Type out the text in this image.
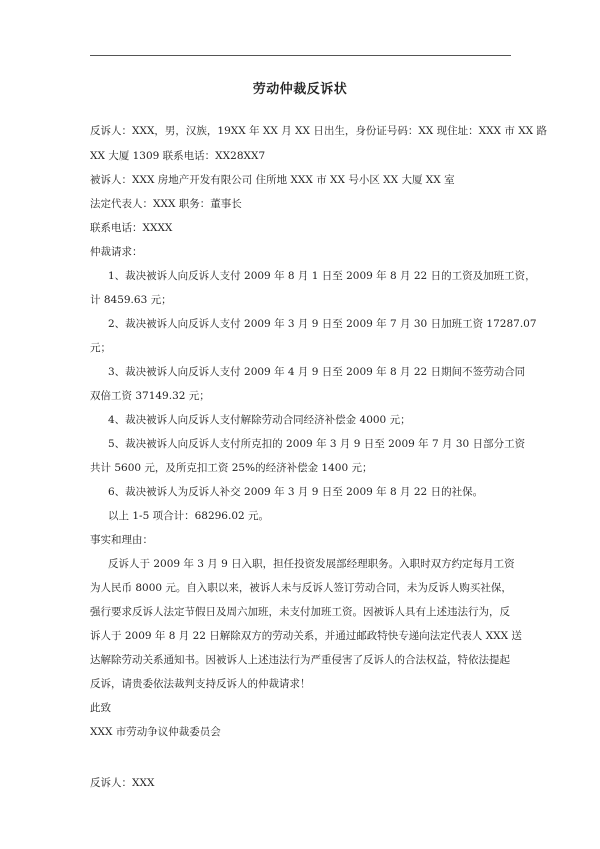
劳动仲裁反诉状
反诉人：XXX，男，汉族，19XX 年 XX 月 XX 日出生，身份证号码：XX 现住址：XXX 市 XX 路
XX 大厦 1309 联系电话：XX28XX7
被诉人：XXX 房地产开发有限公司 住所地 XXX 市 XX 号小区 XX 大厦 XX 室
法定代表人：XXX 职务：董事长
联系电话：XXXX
仲裁请求：
1、裁决被诉人向反诉人支付 2009 年 8 月 1 日至 2009 年 8 月 22 日的工资及加班工资，
计 8459.63 元；
2、裁决被诉人向反诉人支付 2009 年 3 月 9 日至 2009 年 7 月 30 日加班工资 17287.07
元；
3、裁决被诉人向反诉人支付 2009 年 4 月 9 日至 2009 年 8 月 22 日期间不签劳动合同
双倍工资 37149.32 元；
4、裁决被诉人向反诉人支付解除劳动合同经济补偿金 4000 元；
5、裁决被诉人向反诉人支付所克扣的 2009 年 3 月 9 日至 2009 年 7 月 30 日部分工资
共计 5600 元，及所克扣工资 25%的经济补偿金 1400 元；
6、裁决被诉人为反诉人补交 2009 年 3 月 9 日至 2009 年 8 月 22 日的社保。
以上 1-5 项合计：68296.02 元。
事实和理由：
反诉人于 2009 年 3 月 9 日入职，担任投资发展部经理职务。入职时双方约定每月工资
为人民币 8000 元。自入职以来，被诉人未与反诉人签订劳动合同，未为反诉人购买社保，
强行要求反诉人法定节假日及周六加班，未支付加班工资。因被诉人具有上述违法行为，反
诉人于 2009 年 8 月 22 日解除双方的劳动关系，并通过邮政特快专递向法定代表人 XXX 送
达解除劳动关系通知书。因被诉人上述违法行为严重侵害了反诉人的合法权益，特依法提起
反诉，请贵委依法裁判支持反诉人的仲裁请求！
此致
XXX 市劳动争议仲裁委员会
反诉人：XXX
